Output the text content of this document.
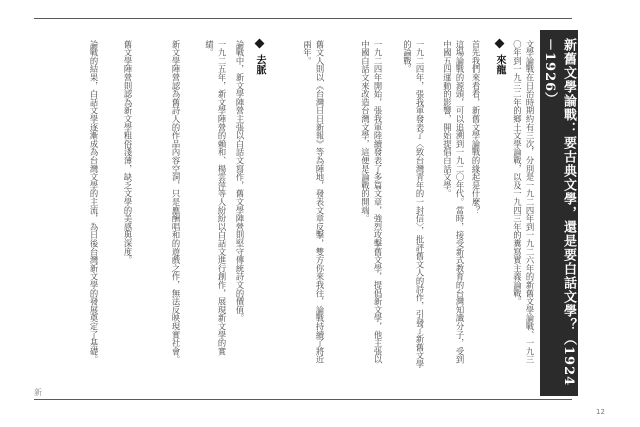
新舊文學論戰：要古典文學，還是要白話文學？（1924－1926）
文學論戰在日治時期約有三次，分別是一九二四年到一九二六年的新舊文學論戰、一九三〇年到一九三二年的鄉土文學論戰，以及一九四三年的糞寫實主義論戰。
來龍
首先我們來看看，新舊文學論戰的緣起是什麼？
這場論戰的源頭，可以追溯到一九二〇年代。當時，接受新式教育的台灣知識分子，受到中國五四運動的影響，開始提倡白話文學。
一九二四年，張我軍發表了〈致台灣青年的一封信〉，批評舊文人的詩作，引發了新舊文學的論戰。
一九二四年開始，張我軍陸續發表了多篇文章，強烈攻擊舊文學，提倡新文學，他主張以中國白話文來改造台灣文學，這便是論戰的開端。
舊文人則以《台灣日日新報》等為陣地，發表文章反擊，雙方你來我往，論戰持續了將近兩年。
去脈
論戰中，新文學陣營主張以白話文寫作，舊文學陣營則堅守傳統詩文的價值。
一九二五年，新文學陣營的賴和、楊雲萍等人紛紛以白話文進行創作，展現新文學的實績。
新文學陣營認為舊詩人的作品內容空洞，只是應酬唱和的遊戲之作，無法反映現實社會。
舊文學陣營則認為新文學粗俗淺薄，缺乏文學的美感與深度。
論戰的結果，白話文學逐漸成為台灣文學的主流，為日後台灣新文學的發展奠定了基礎。
新
12
